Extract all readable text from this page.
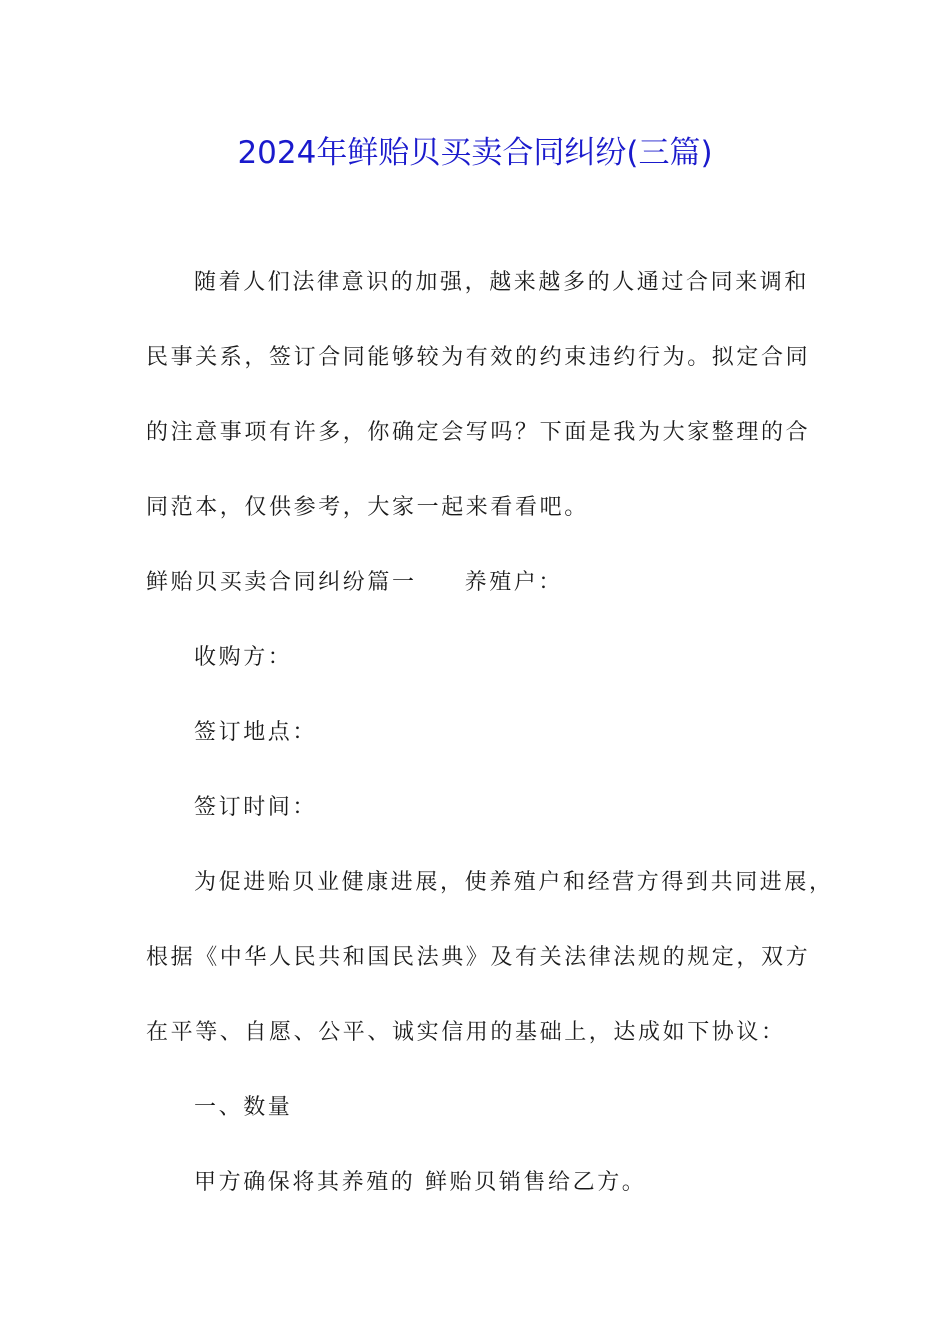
2024年鲜贻贝买卖合同纠纷(三篇)
随着人们法律意识的加强，越来越多的人通过合同来调和
民事关系，签订合同能够较为有效的约束违约行为。拟定合同
的注意事项有许多，你确定会写吗？下面是我为大家整理的合
同范本，仅供参考，大家一起来看看吧。
鲜贻贝买卖合同纠纷篇一 养殖户：
收购方：
签订地点：
签订时间：
为促进贻贝业健康进展，使养殖户和经营方得到共同进展，
根据《中华人民共和国民法典》及有关法律法规的规定，双方
在平等、自愿、公平、诚实信用的基础上，达成如下协议：
一、数量
甲方确保将其养殖的 鲜贻贝销售给乙方。
